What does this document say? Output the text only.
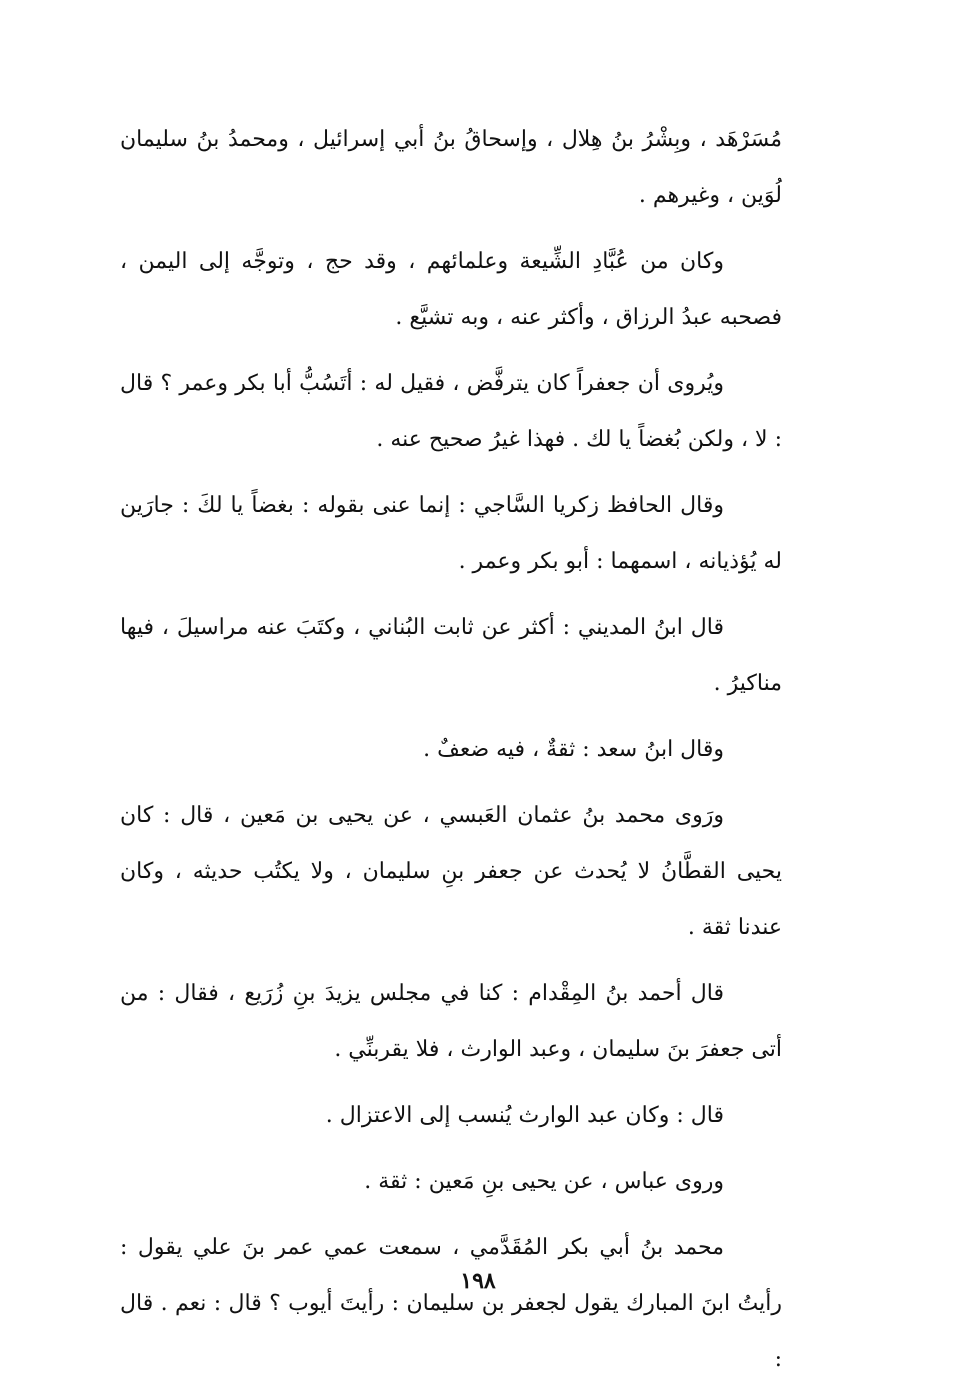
مُسَرْهَد ، وبِشْرُ بنُ هِلال ، وإسحاقُ بنُ أبي إسرائيل ، ومحمدُ بنُ سليمان لُوَين ، وغيرهم .

وكان من عُبَّادِ الشِّيعة وعلمائهم ، وقد حج ، وتوجَّه إلى اليمن ، فصحبه عبدُ الرزاق ، وأكثر عنه ، وبه تشيَّع .

ويُروى أن جعفراً كان يترفَّض ، فقيل له : أتَسُبُّ أبا بكر وعمر ؟ قال : لا ، ولكن بُغضاً يا لك . فهذا غيرُ صحيح عنه .

وقال الحافظ زكريا السَّاجي : إنما عنى بقوله : بغضاً يا لكَ : جارَين له يُؤذيانه ، اسمهما : أبو بكر وعمر .

قال ابنُ المديني : أكثر عن ثابت البُناني ، وكتَبَ عنه مراسيلَ ، فيها مناكيرُ .

وقال ابنُ سعد : ثقةٌ ، فيه ضعفٌ .

ورَوى محمد بنُ عثمان العَبسي ، عن يحيى بن مَعين ، قال : كان يحيى القطَّانُ لا يُحدث عن جعفر بنِ سليمان ، ولا يكتُب حديثه ، وكان عندنا ثقة .

قال أحمد بنُ المِقْدام : كنا في مجلس يزيدَ بنِ زُرَيع ، فقال : من أتى جعفرَ بنَ سليمان ، وعبد الوارث ، فلا يقربنِّي .

قال : وكان عبد الوارث يُنسب إلى الاعتزال .

وروى عباس ، عن يحيى بنِ مَعين : ثقة .

محمد بنُ أبي بكر المُقَدَّمي ، سمعت عمي عمر بنَ علي يقول : رأيتُ ابنَ المبارك يقول لجعفر بن سليمان : رأيتَ أيوب ؟ قال : نعم . قال :

١٩٨
